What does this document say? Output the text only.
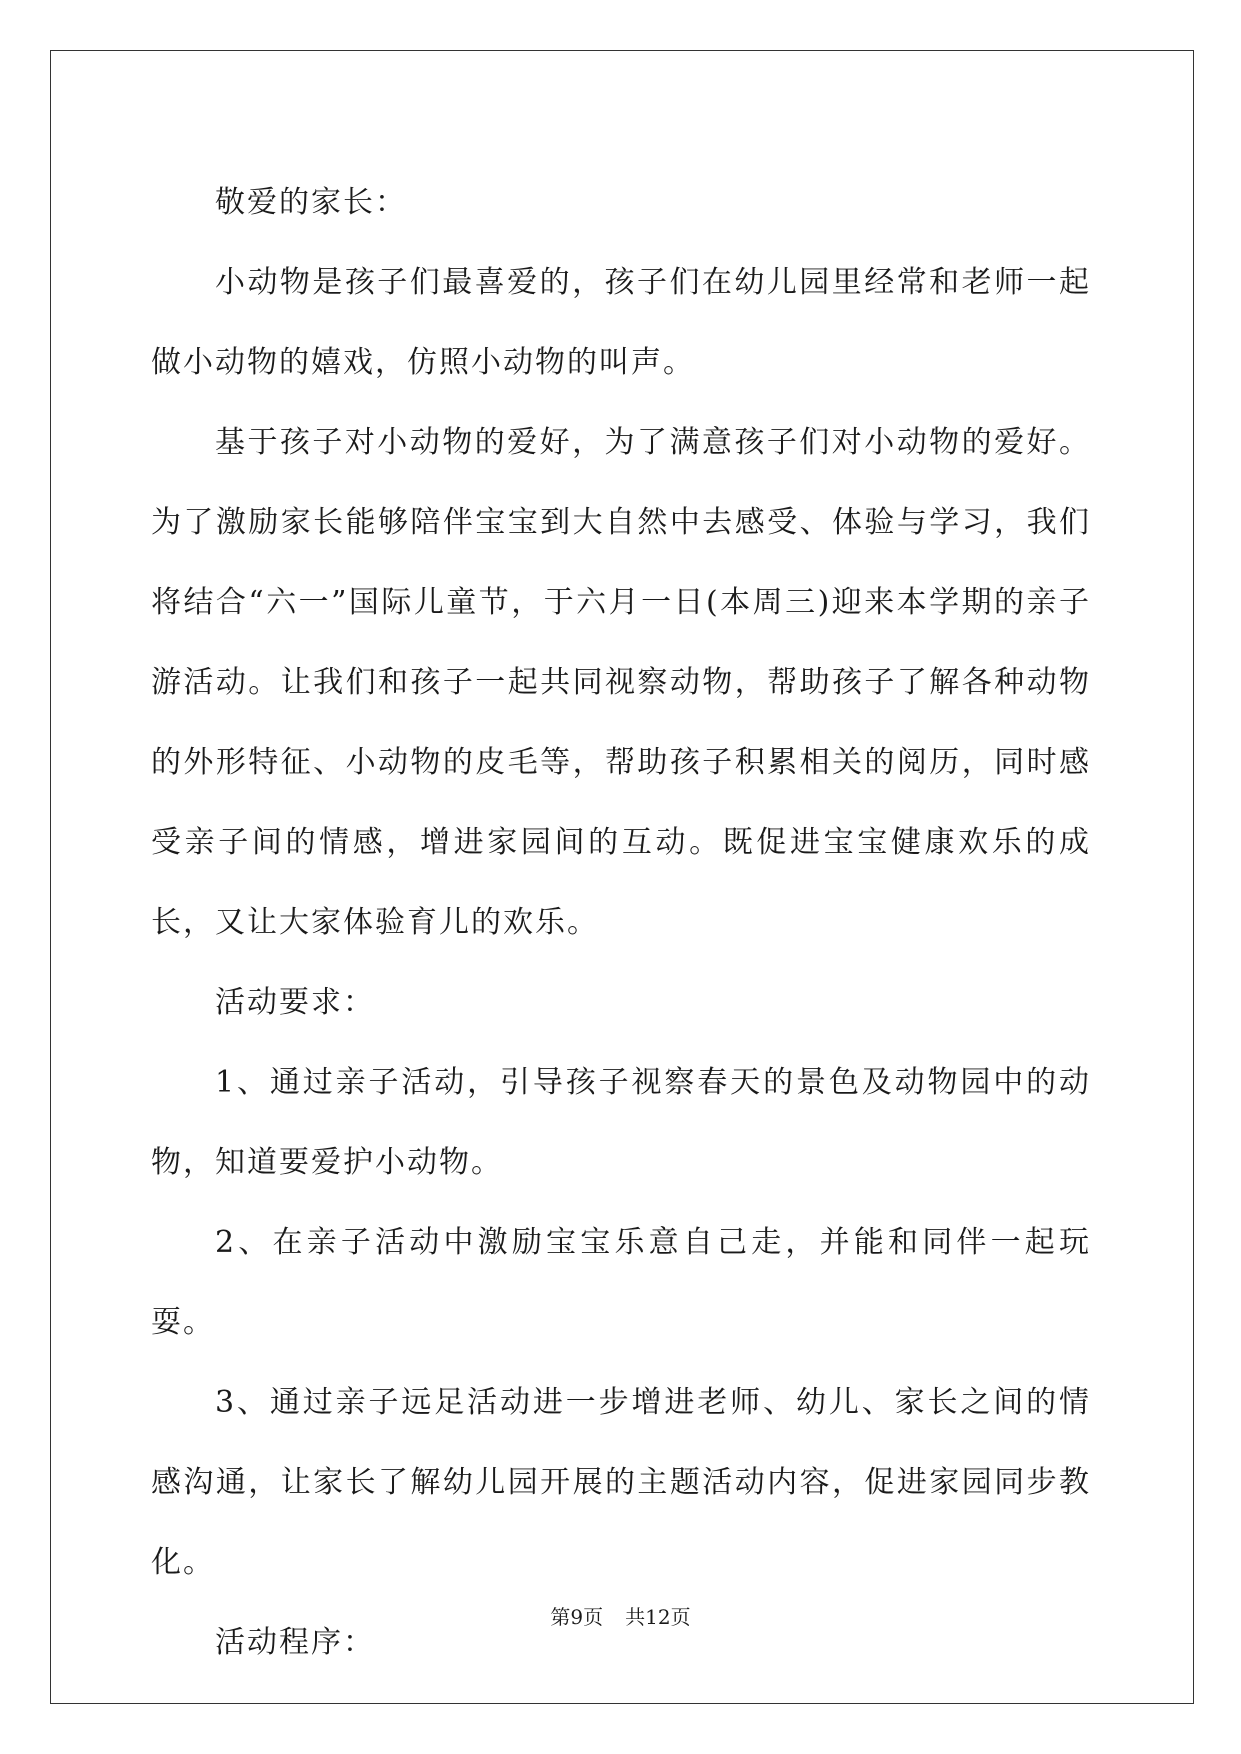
敬爱的家长：

小动物是孩子们最喜爱的，孩子们在幼儿园里经常和老师一起做小动物的嬉戏，仿照小动物的叫声。

基于孩子对小动物的爱好，为了满意孩子们对小动物的爱好。为了激励家长能够陪伴宝宝到大自然中去感受、体验与学习，我们将结合“六一”国际儿童节，于六月一日(本周三)迎来本学期的亲子游活动。让我们和孩子一起共同视察动物，帮助孩子了解各种动物的外形特征、小动物的皮毛等，帮助孩子积累相关的阅历，同时感受亲子间的情感，增进家园间的互动。既促进宝宝健康欢乐的成长，又让大家体验育儿的欢乐。

活动要求：

1、通过亲子活动，引导孩子视察春天的景色及动物园中的动物，知道要爱护小动物。

2、在亲子活动中激励宝宝乐意自己走，并能和同伴一起玩耍。

3、通过亲子远足活动进一步增进老师、幼儿、家长之间的情感沟通，让家长了解幼儿园开展的主题活动内容，促进家园同步教化。

活动程序：

第9页 共12页
